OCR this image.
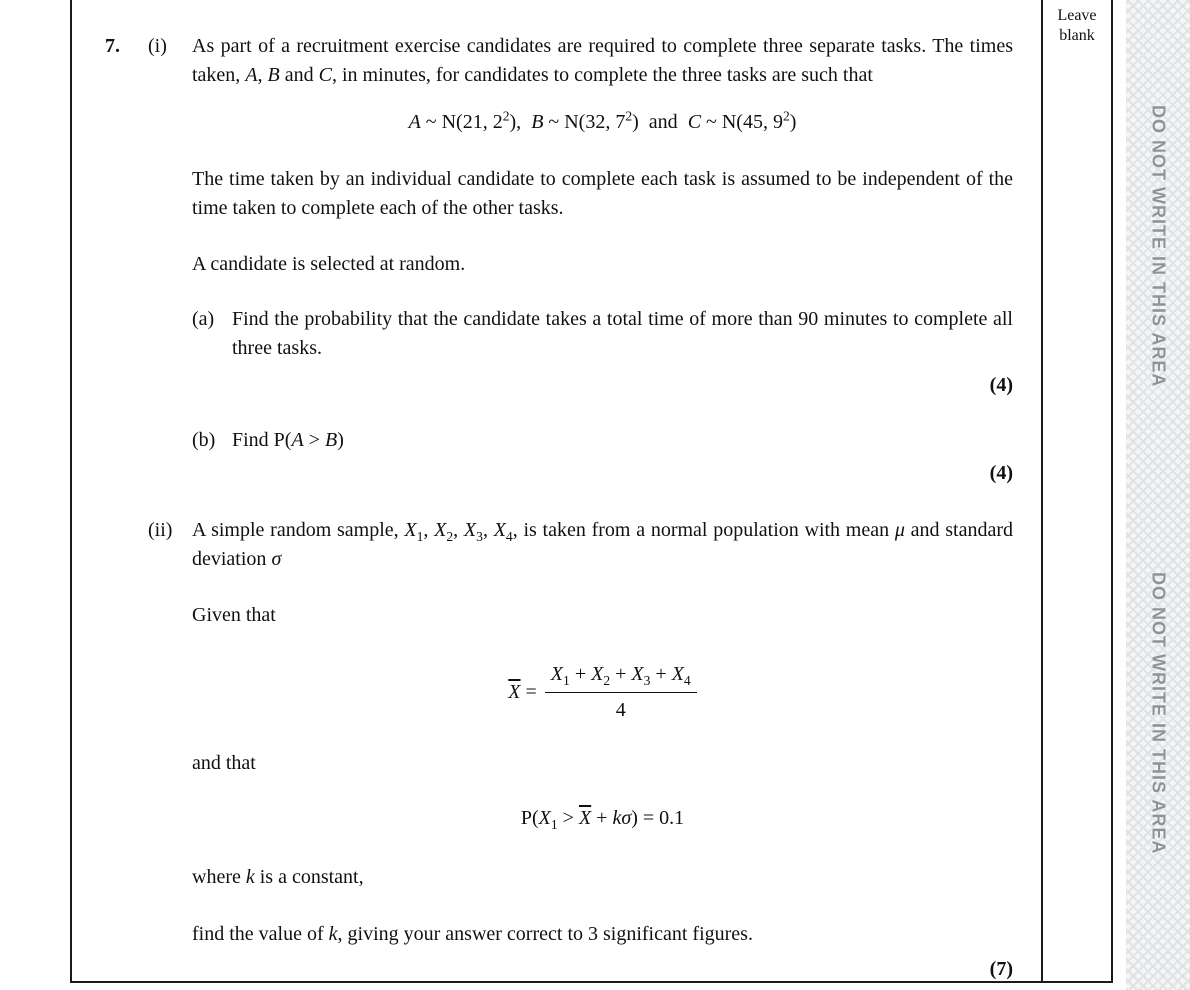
7.	(i)	As part of a recruitment exercise candidates are required to complete three separate tasks. The times taken, A, B and C, in minutes, for candidates to complete the three tasks are such that

A ~ N(21, $2^2$),  B ~ N(32, $7^2$)  and  C ~ N(45, $9^2$)

The time taken by an individual candidate to complete each task is assumed to be independent of the time taken to complete each of the other tasks.

A candidate is selected at random.

(a) Find the probability that the candidate takes a total time of more than 90 minutes to complete all three tasks.

(4)

(b) Find P(A > B)

(4)

(ii) A simple random sample, $X_1$, $X_2$, $X_3$, $X_4$, is taken from a normal population with mean μ and standard deviation σ

Given that

$\overline{X} = \frac{X_1 + X_2 + X_3 + X_4}{4}$

and that

$P(X_1 > \overline{X} + k\sigma) = 0.1$

where k is a constant,

find the value of k, giving your answer correct to 3 significant figures.

(7)

Leave
blank
DO NOT WRITE IN THIS AREA
DO NOT WRITE IN THIS AREA
